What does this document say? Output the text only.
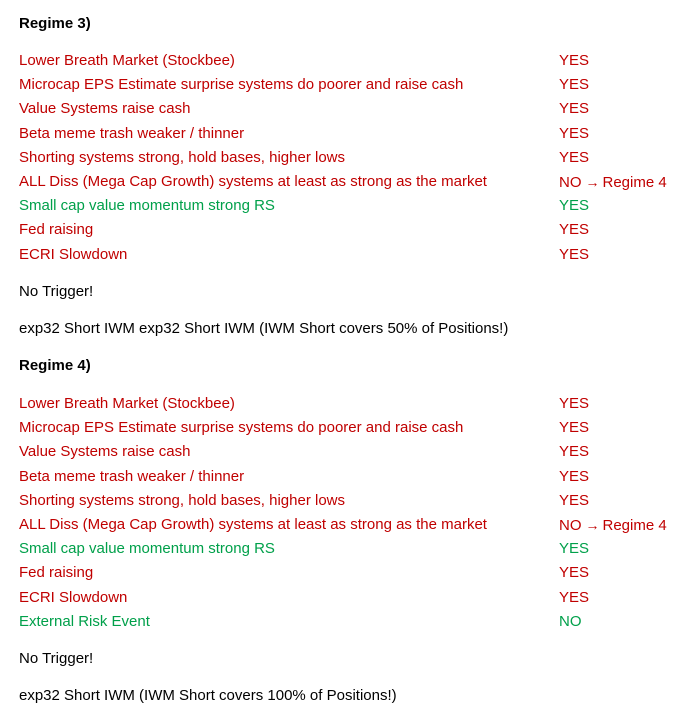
Regime 3)
Lower Breath Market (Stockbee)	YES
Microcap EPS Estimate surprise systems do poorer and raise cash	YES
Value Systems raise cash	YES
Beta meme trash weaker / thinner	YES
Shorting systems strong, hold bases, higher lows	YES
ALL Diss (Mega Cap Growth) systems at least as strong as the market	NO → Regime 4
Small cap value momentum strong RS	YES
Fed raising	YES
ECRI Slowdown	YES
No Trigger!
exp32 Short IWM exp32 Short IWM (IWM Short covers 50% of Positions!)
Regime 4)
Lower Breath Market (Stockbee)	YES
Microcap EPS Estimate surprise systems do poorer and raise cash	YES
Value Systems raise cash	YES
Beta meme trash weaker / thinner	YES
Shorting systems strong, hold bases, higher lows	YES
ALL Diss (Mega Cap Growth) systems at least as strong as the market	NO → Regime 4
Small cap value momentum strong RS	YES
Fed raising	YES
ECRI Slowdown	YES
External Risk Event	NO
No Trigger!
exp32 Short IWM (IWM Short covers 100% of Positions!)
